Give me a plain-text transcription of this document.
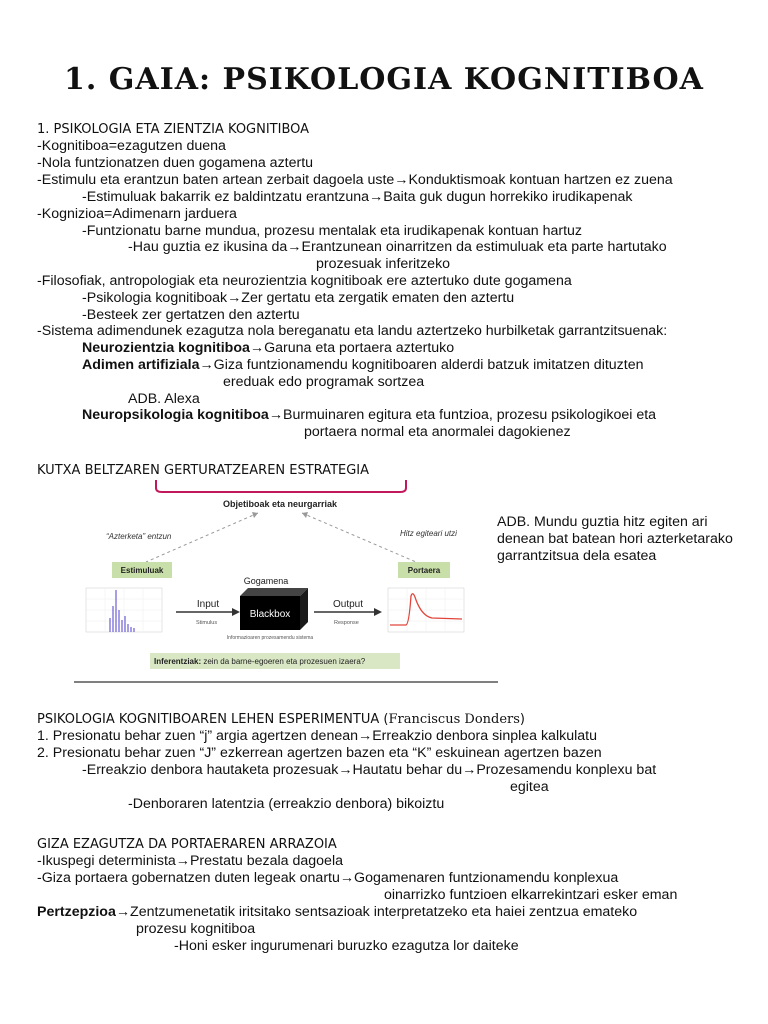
1. GAIA: PSIKOLOGIA KOGNITIBOA
1. PSIKOLOGIA ETA ZIENTZIA KOGNITIBOA
-Kognitiboa=ezagutzen duena
-Nola funtzionatzen duen gogamena aztertu
-Estimulu eta erantzun baten artean zerbait dagoela uste→Konduktismoak kontuan hartzen ez zuena
-Estimuluak bakarrik ez baldintzatu erantzuna→Baita guk dugun horrekiko irudikapenak
-Kognizioa=Adimenarn jarduera
-Funtzionatu barne mundua, prozesu mentalak eta irudikapenak kontuan hartuz
-Hau guztia ez ikusina da→Erantzunean oinarritzen da estimuluak eta parte hartutako
prozesuak inferitzeko
-Filosofiak, antropologiak eta neurozientzia kognitiboak ere aztertuko dute gogamena
-Psikologia kognitiboak→Zer gertatu eta zergatik ematen den aztertu
-Besteek zer gertatzen den aztertu
-Sistema adimendunek ezagutza nola bereganatu eta landu aztertzeko hurbilketak garrantzitsuenak:
Neurozientzia kognitiboa→Garuna eta portaera aztertuko
Adimen artifiziala→Giza funtzionamendu kognitiboaren alderdi batzuk imitatzen dituzten
ereduak edo programak sortzea
ADB. Alexa
Neuropsikologia kognitiboa→Burmuinaren egitura eta funtzioa, prozesu psikologikoei eta
portaera normal eta anormalei dagokienez
KUTXA BELTZAREN GERTURATZEAREN ESTRATEGIA
Objetiboak eta neurgarriak
“Azterketa” entzun	Hitz egiteari utzi
Estimuluak	Portaera
Gogamena
Input
Stimulus
Blackbox
Informazioaren prozesamendu sistema
Output
Response
Inferentziak: zein da barne-egoeren eta prozesuen izaera?
ADB. Mundu guztia hitz egiten ari denean bat batean hori azterketarako garrantzitsua dela esatea
PSIKOLOGIA KOGNITIBOAREN LEHEN ESPERIMENTUA (Franciscus Donders)
1. Presionatu behar zuen “j” argia agertzen denean→Erreakzio denbora sinplea kalkulatu
2. Presionatu behar zuen “J” ezkerrean agertzen bazen eta “K” eskuinean agertzen bazen
-Erreakzio denbora hautaketa prozesuak→Hautatu behar du→Prozesamendu konplexu bat
egitea
-Denboraren latentzia (erreakzio denbora) bikoiztu
GIZA EZAGUTZA DA PORTAERAREN ARRAZOIA
-Ikuspegi determinista→Prestatu bezala dagoela
-Giza portaera gobernatzen duten legeak onartu→Gogamenaren funtzionamendu konplexua
oinarrizko funtzioen elkarrekintzari esker eman
Pertzepzioa→Zentzumenetatik iritsitako sentsazioak interpretatzeko eta haiei zentzua emateko
prozesu kognitiboa
-Honi esker ingurumenari buruzko ezagutza lor daiteke
